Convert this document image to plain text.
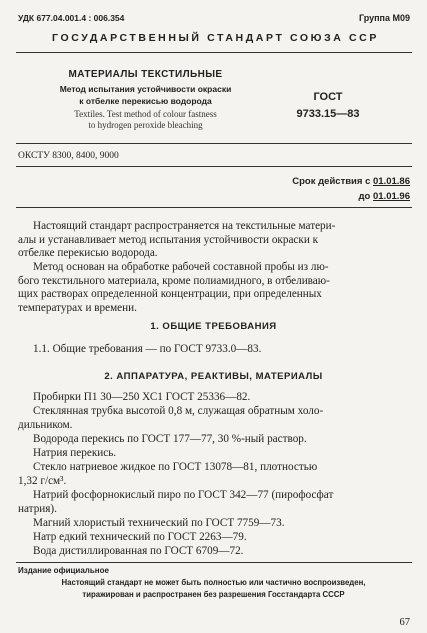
УДК 677.04.001.4 : 006.354	Группа М09
ГОСУДАРСТВЕННЫЙ СТАНДАРТ СОЮЗА ССР
МАТЕРИАЛЫ ТЕКСТИЛЬНЫЕ
Метод испытания устойчивости окраски
к отбелке перекисью водорода
Textiles. Test method of colour fastness
to hydrogen peroxide bleaching
ГОСТ
9733.15—83
ОКСТУ 8300, 8400, 9000
Срок действия с 01.01.86
до 01.01.96
Настоящий стандарт распространяется на текстильные матери-
алы и устанавливает метод испытания устойчивости окраски к
отбелке перекисью водорода.
Метод основан на обработке рабочей составной пробы из лю-
бого текстильного материала, кроме полиамидного, в отбеливаю-
щих растворах определенной концентрации, при определенных
температурах и времени.
1. ОБЩИЕ ТРЕБОВАНИЯ
1.1. Общие требования — по ГОСТ 9733.0—83.
2. АППАРАТУРА, РЕАКТИВЫ, МАТЕРИАЛЫ
Пробирки П1 30—250 ХС1 ГОСТ 25336—82.
Стеклянная трубка высотой 0,8 м, служащая обратным холо-
дильником.
Водорода перекись по ГОСТ 177—77, 30 %-ный раствор.
Натрия перекись.
Стекло натриевое жидкое по ГОСТ 13078—81, плотностью
1,32 г/см³.
Натрий фосфорнокислый пиро по ГОСТ 342—77 (пирофосфат
натрия).
Магний хлористый технический по ГОСТ 7759—73.
Натр едкий технический по ГОСТ 2263—79.
Вода дистиллированная по ГОСТ 6709—72.
Издание официальное
Настоящий стандарт не может быть полностью или частично воспроизведен,
тиражирован и распространен без разрешения Госстандарта СССР
67
